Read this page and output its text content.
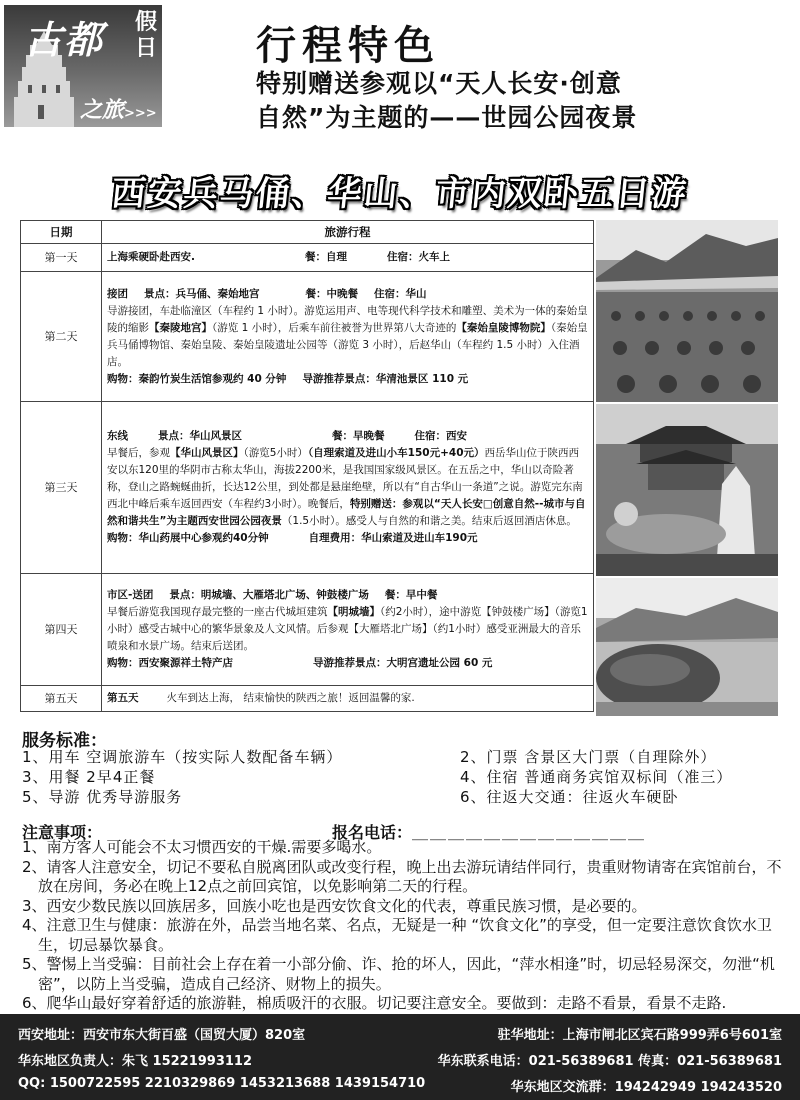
古都 假日
之旅>>>
行程特色
特别赠送参观以“天人长安·创意
自然”为主题的——世园公园夜景
西安兵马俑、华山、市内双卧五日游
日期	旅游行程
第一天	上海乘硬卧赴西安. 餐：自理 住宿：火车上

第二天	接团 景点：兵马俑、秦始地宫 餐：中晚餐 住宿：华山
导游接团，车赴临潼区（车程约 1 小时）。游览运用声、电等现代科学技术和雕塑、美术为一体的秦始皇陵的缩影【秦陵地宫】（游览 1 小时），后乘车前往被誉为世界第八大奇迹的【秦始皇陵博物院】（秦始皇兵马俑博物馆、秦始皇陵、秦始皇陵遗址公园等（游览 3 小时），后赵华山（车程约 1.5 小时）入住酒店。
购物：秦韵竹炭生活馆参观约 40 分钟 导游推荐景点：华清池景区 110 元

第三天	东线 景点：华山风景区 餐：早晚餐 住宿：西安
早餐后，参观【华山风景区】（游览5小时）（自理索道及进山小车150元+40元）西岳华山位于陕西西安以东120里的华阴市古称太华山，海拔2200米，是我国国家级风景区。在五岳之中，华山以奇险著称，登山之路蜿蜒曲折，长达12公里，到处都是悬崖绝壁，所以有“自古华山一条道”之说。游览完东南西北中峰后乘车返回西安（车程约3小时）。晚餐后，特别赠送：参观以“天人长安□创意自然--城市与自然和谐共生”为主题西安世园公园夜景（1.5小时）。感受人与自然的和谐之美。结束后返回酒店休息。
购物：华山药展中心参观约40分钟 自理费用：华山索道及进山车190元

第四天	市区-送团 景点：明城墙、大雁塔北广场、钟鼓楼广场 餐：早中餐
早餐后游览我国现存最完整的一座古代城垣建筑【明城墙】（约2小时），途中游览【钟鼓楼广场】（游览1小时）感受古城中心的繁华景象及人文风情。后参观【大雁塔北广场】（约1小时）感受亚洲最大的音乐喷泉和水景广场。结束后送团。
购物：西安聚源祥土特产店 导游推荐景点：大明宫遗址公园 60 元

第五天	第五天 火车到达上海， 结束愉快的陕西之旅！返回温馨的家.
服务标准：
1、用车 空调旅游车（按实际人数配备车辆）	2、门票 含景区大门票（自理除外）
3、用餐 2早4正餐	4、住宿 普通商务宾馆双标间（准三）
5、导游 优秀导游服务	6、往返大交通：往返火车硬卧
注意事项：	报名电话：＿＿＿＿＿＿＿＿＿＿＿＿＿

1、南方客人可能会不太习惯西安的干燥.需要多喝水。

2、请客人注意安全，切记不要私自脱离团队或改变行程，晚上出去游玩请结伴同行，贵重财物请寄在宾馆前台，不放在房间，务必在晚上12点之前回宾馆，以免影响第二天的行程。

3、西安少数民族以回族居多，回族小吃也是西安饮食文化的代表，尊重民族习惯，是必要的。

4、注意卫生与健康：旅游在外，品尝当地名菜、名点，无疑是一种 “饮食文化”的享受，但一定要注意饮食饮水卫生，切忌暴饮暴食。

5、警惕上当受骗：目前社会上存在着一小部分偷、诈、抢的坏人，因此，“萍水相逢”时，切忌轻易深交，勿泄“机密”，以防上当受骗，造成自己经济、财物上的损失。

6、爬华山最好穿着舒适的旅游鞋，棉质吸汗的衣服。切记要注意安全。要做到：走路不看景，看景不走路.

西安地址：西安市东大街百盛（国贸大厦）820室	驻华地址：上海市闸北区宾石路999弄6号601室
华东地区负责人：朱飞 15221993112	华东联系电话：021-56389681 传真：021-56389681
QQ: 1500722595 2210329869 1453213688 1439154710	华东地区交流群：194242949 194243520
